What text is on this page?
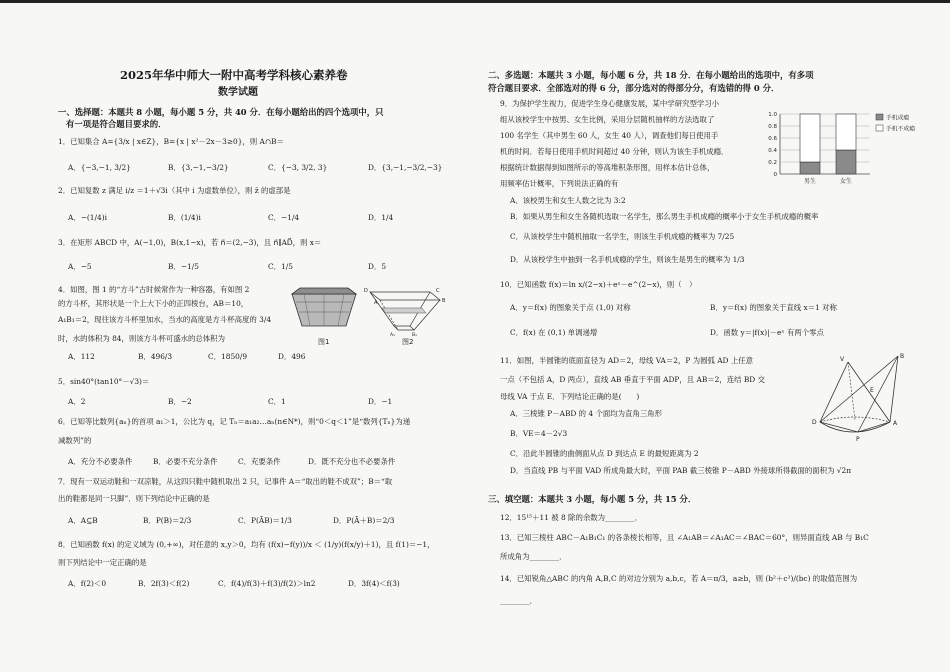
2025年华中师大一附中高考学科核心素养卷
数学试题
一、选择题：本题共 8 小题，每小题 5 分，共 40 分．在每小题给出的四个选项中，只
有一项是符合题目要求的．
1．已知集合 A={3/x | x∈Z}，B={x | x²－2x－3≥0}，则 A∩B＝
A．{−3,−1, 3/2}	B．{3,−1,−3/2}	C．{−3, 3/2, 3}	D．{3,−1,−3/2,−3}
2．已知复数 z 满足 i/z ＝1＋√3i（其中 i 为虚数单位），则 z̄ 的虚部是
A．−(1/4)i	B．(1/4)i	C．−1/4	D．1/4
3．在矩形 ABCD 中，A(−1,0)，B(x,1−x)，若 n⃗＝(2,−3)，且 n⃗∥AD⃗，则 x＝
A．−5	B．−1/5	C．1/5	D．5
4．如图，图 1 的“方斗”古时候常作为一种容器，有如图 2
的方斗杯，其形状是一个上大下小的正四棱台，AB＝10，
A₁B₁＝2，现往该方斗杯里加水，当水的高度是方斗杯高度的 3/4
时，水的体积为 84，则该方斗杯可盛水的总体积为
A．112	B．496/3	C．1850/9	D．496
图1
D	C
B
A
A₁	B₁
图2
5．sin40°(tan10°－√3)＝
A．2	B．−2	C．1	D．−1
6．已知等比数列{aₙ}的首项 a₁＞1，公比为 q，记 Tₙ＝a₁a₂…aₙ(n∈N*)，则“0＜q＜1”是“数列{Tₙ}为递
减数列”的
A．充分不必要条件	B．必要不充分条件	C．充要条件	D．既不充分也不必要条件
7．现有一双运动鞋和一双凉鞋，从这四只鞋中随机取出 2 只，记事件 A＝“取出的鞋不成双”；B＝“取
出的鞋都是同一只脚”．则下列结论中正确的是
A．A⊆B	B．P(B)＝2/3	C．P(ĀB)＝1/3	D．P(Ā＋B)＝2/3
8．已知函数 f(x) 的定义域为 (0,+∞)，对任意的 x,y＞0，均有 (f(x)−f(y))/x ＜ (1/y)(f(x/y)＋1)，且 f(1)＝−1，
则下列结论中一定正确的是
A．f(2)＜0	B．2f(3)＜f(2)	C．f(4)/f(3)＋f(3)/f(2)＞ln2	D．3f(4)＜f(3)
二、多选题：本题共 3 小题，每小题 6 分，共 18 分．在每小题给出的选项中，有多项
符合题目要求．全部选对的得 6 分，部分选对的得部分分，有选错的得 0 分．
9．为保护学生视力，促进学生身心健康发展，某中学研究型学习小
组从该校学生中按男、女生比例，采用分层随机抽样的方法选取了
100 名学生（其中男生 60 人，女生 40 人），调查他们每日使用手
机的时间．若每日使用手机时间超过 40 分钟，则认为该生手机成瘾．
根据统计数据得到如图所示的等高堆积条形图，用样本估计总体，
用频率估计概率，下列说法正确的有
0
0.2
0.4
0.6
0.8
1.0
男生	女生
手机成瘾
手机不成瘾
A．该校男生和女生人数之比为 3:2
B．如果从男生和女生各随机选取一名学生，那么男生手机成瘾的概率小于女生手机成瘾的概率
C．从该校学生中随机抽取一名学生，则该生手机成瘾的概率为 7/25
D．从该校学生中抽到一名手机成瘾的学生，则该生是男生的概率为 1/3
10．已知函数 f(x)＝ln x/(2−x)＋eˣ－e^(2−x)，则（　）
A．y＝f(x) 的图象关于点 (1,0) 对称	B．y＝f(x) 的图象关于直线 x＝1 对称
C．f(x) 在 (0,1) 单调递增	D．函数 y＝|f(x)|－eˣ 有两个零点
11．如图，半圆锥的底面直径为 AD＝2，母线 VA＝2，P 为圆弧 AD 上任意
一点（不包括 A，D 两点），直线 AB 垂直于平面 ADP，且 AB＝2，连结 BD 交
母线 VA 于点 E．下列结论正确的是(　　)
A．三棱锥 P－ABD 的 4 个面均为直角三角形
B．VE＝4－2√3
C．沿此半圆锥的曲侧面从点 D 到达点 E 的最短距离为 2
D．当直线 PB 与平面 VAD 所成角最大时，平面 PAB 截三棱锥 P－ABD 外接球所得截面的面积为 √2π
V	B
E
D	A
P
三、填空题：本题共 3 小题，每小题 5 分，共 15 分．
12．15¹⁵＋11 被 8 除的余数为________．
13．已知三棱柱 ABC－A₁B₁C₁ 的各条棱长相等，且 ∠A₁AB＝∠A₁AC＝∠BAC＝60°，则异面直线 AB 与 B₁C
所成角为________．
14．已知锐角△ABC 的内角 A,B,C 的对边分别为 a,b,c，若 A＝π/3，a≥b，则 (b²＋c²)/(bc) 的取值范围为
________．
